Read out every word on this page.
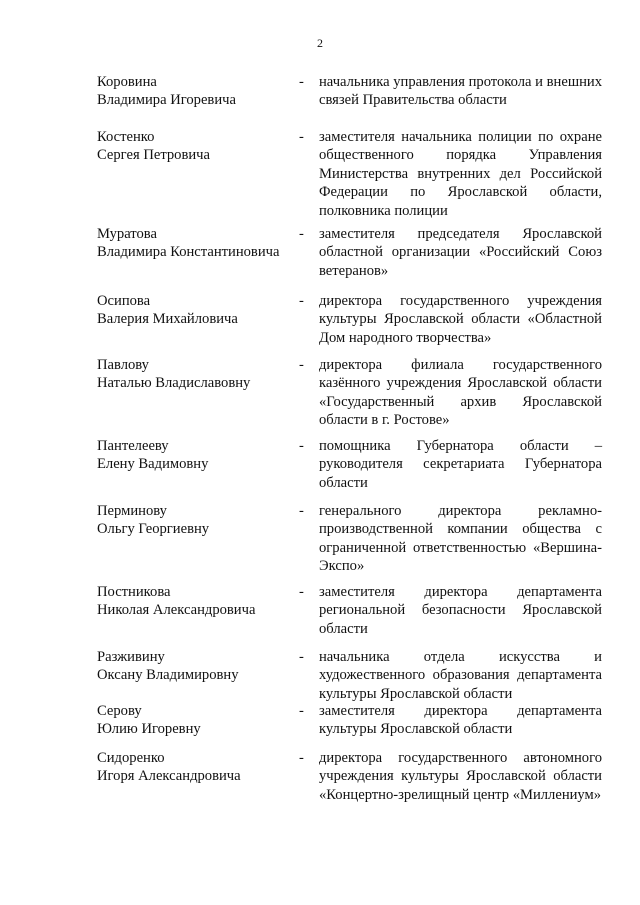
2
Коровина
Владимира Игоревича
-	начальника управления протокола и внешних связей Правительства области
Костенко
Сергея Петровича
-	заместителя начальника полиции по охране общественного порядка Управления Министерства внутренних дел Российской Федерации по Ярославской области, полковника полиции
Муратова
Владимира Константиновича
-	заместителя председателя Ярославской областной организации «Российский Союз ветеранов»
Осипова
Валерия Михайловича
-	директора государственного учреждения культуры Ярославской области «Областной Дом народного творчества»
Павлову
Наталью Владиславовну
-	директора филиала государственного казённого учреждения Ярославской области «Государственный архив Ярославской области в г. Ростове»
Пантелееву
Елену Вадимовну
-	помощника Губернатора области – руководителя секретариата Губернатора области
Перминову
Ольгу Георгиевну
-	генерального директора рекламно-производственной компании общества с ограниченной ответственностью «Вершина-Экспо»
Постникова
Николая Александровича
-	заместителя директора департамента региональной безопасности Ярославской области
Разживину
Оксану Владимировну
-	начальника отдела искусства и художественного образования департамента культуры Ярославской области
Серову
Юлию Игоревну
-	заместителя директора департамента культуры Ярославской области
Сидоренко
Игоря Александровича
-	директора государственного автономного учреждения культуры Ярославской области «Концертно-зрелищный центр «Миллениум»
